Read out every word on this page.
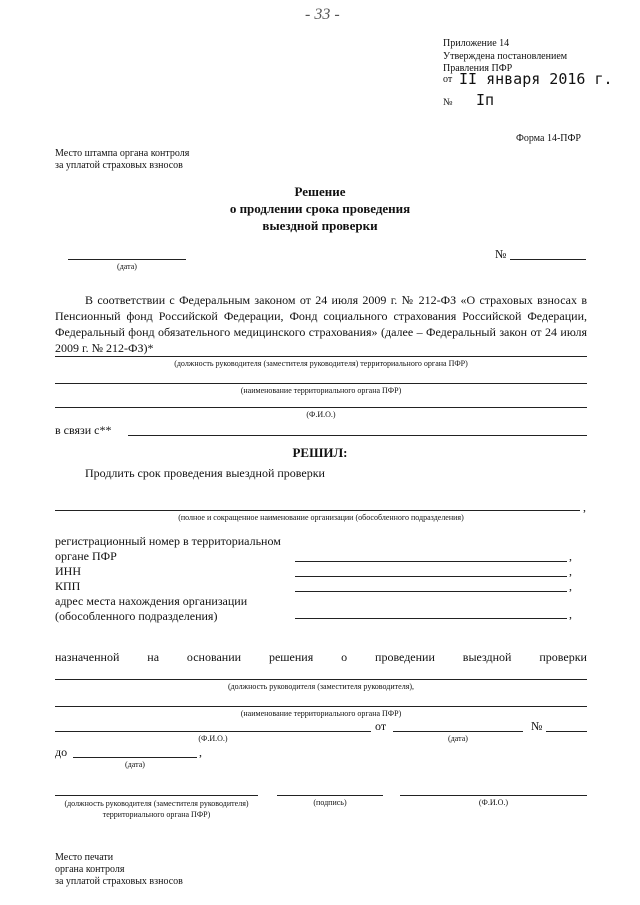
- 33 -
Приложение 14
Утверждена постановлением
Правления ПФР
от II января 2016 г.
№ Iп
Форма 14-ПФР
Место штампа органа контроля
за уплатой страховых взносов
Решение
о продлении срока проведения
выездной проверки
(дата)
№
В соответствии с Федеральным законом от 24 июля 2009 г. № 212-ФЗ «О страховых взносах в Пенсионный фонд Российской Федерации, Фонд социального страхования Российской Федерации, Федеральный фонд обязательного медицинского страхования» (далее – Федеральный закон от 24 июля 2009 г. № 212-ФЗ)*
(должность руководителя (заместителя руководителя) территориального органа ПФР)
(наименование территориального органа ПФР)
(Ф.И.О.)
в связи с**
РЕШИЛ:
Продлить срок проведения выездной проверки
,
(полное и сокращенное наименование организации (обособленного подразделения)
регистрационный номер в территориальном
органе ПФР	,
ИНН	,
КПП	,
адрес места нахождения организации
(обособленного подразделения)	,
назначенной на основании решения о проведении выездной проверки
(должность руководителя (заместителя руководителя),
(наименование территориального органа ПФР)
(Ф.И.О.)
от
(дата)
№
до	,
(дата)
(должность руководителя (заместителя руководителя) территориального органа ПФР)
(подпись)	(Ф.И.О.)
Место печати
органа контроля
за уплатой страховых взносов
